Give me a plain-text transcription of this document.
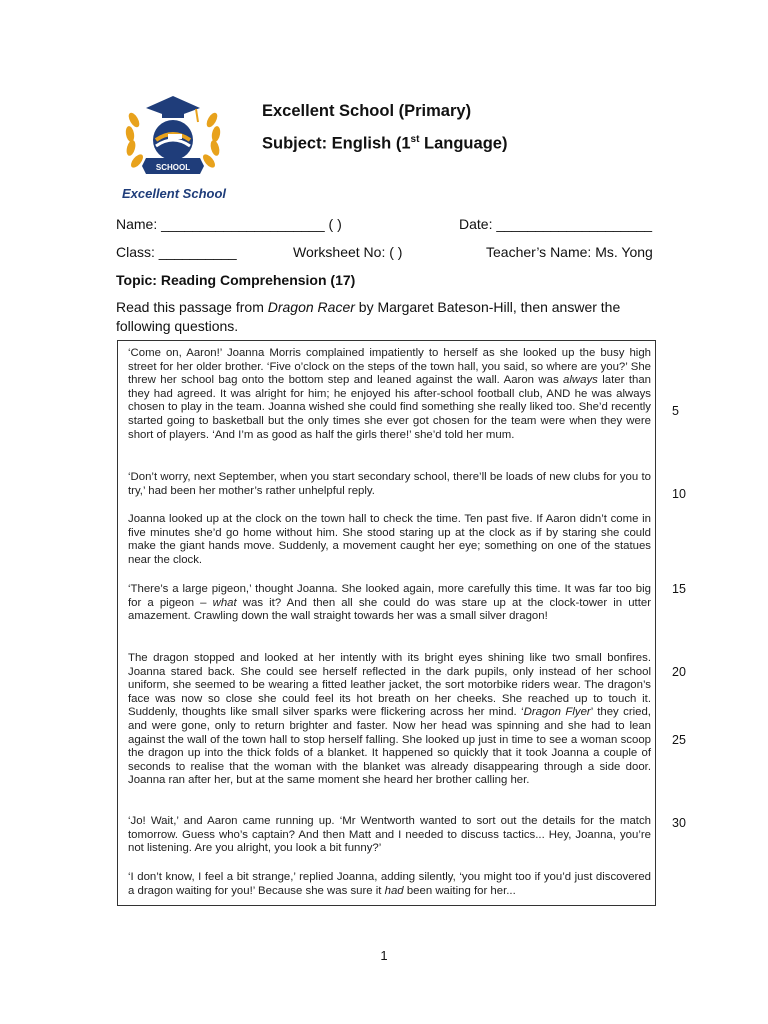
SCHOOL
Excellent School
Excellent School (Primary)
Subject: English (1st Language)
Name: _____________________ ( )	Date: ____________________
Class: __________	Worksheet No: ( )	Teacher’s Name: Ms. Yong
Topic: Reading Comprehension (17)
Read this passage from Dragon Racer by Margaret Bateson-Hill, then answer the following questions.
‘Come on, Aaron!’ Joanna Morris complained impatiently to herself as she looked up the busy high street for her older brother. ‘Five o’clock on the steps of the town hall, you said, so where are you?’ She threw her school bag onto the bottom step and leaned against the wall. Aaron was always later than they had agreed. It was alright for him; he enjoyed his after-school football club, AND he was always chosen to play in the team. Joanna wished she could find something she really liked too. She’d recently started going to basketball but the only times she ever got chosen for the team were when they were short of players. ‘And I’m as good as half the girls there!’ she’d told her mum.
‘Don’t worry, next September, when you start secondary school, there’ll be loads of new clubs for you to try,’ had been her mother’s rather unhelpful reply.
Joanna looked up at the clock on the town hall to check the time. Ten past five. If Aaron didn’t come in five minutes she’d go home without him. She stood staring up at the clock as if by staring she could make the giant hands move. Suddenly, a movement caught her eye; something on one of the statues near the clock.
‘There’s a large pigeon,’ thought Joanna. She looked again, more carefully this time. It was far too big for a pigeon – what was it? And then all she could do was stare up at the clock-tower in utter amazement. Crawling down the wall straight towards her was a small silver dragon!
The dragon stopped and looked at her intently with its bright eyes shining like two small bonfires. Joanna stared back. She could see herself reflected in the dark pupils, only instead of her school uniform, she seemed to be wearing a fitted leather jacket, the sort motorbike riders wear. The dragon’s face was now so close she could feel its hot breath on her cheeks. She reached up to touch it. Suddenly, thoughts like small silver sparks were flickering across her mind. ‘Dragon Flyer’ they cried, and were gone, only to return brighter and faster. Now her head was spinning and she had to lean against the wall of the town hall to stop herself falling. She looked up just in time to see a woman scoop the dragon up into the thick folds of a blanket. It happened so quickly that it took Joanna a couple of seconds to realise that the woman with the blanket was already disappearing through a side door. Joanna ran after her, but at the same moment she heard her brother calling her.
‘Jo! Wait,’ and Aaron came running up. ‘Mr Wentworth wanted to sort out the details for the match tomorrow. Guess who’s captain? And then Matt and I needed to discuss tactics... Hey, Joanna, you’re not listening. Are you alright, you look a bit funny?’
‘I don’t know, I feel a bit strange,’ replied Joanna, adding silently, ‘you might too if you’d just discovered a dragon waiting for you!’ Because she was sure it had been waiting for her...
5
10
15
20
25
30
1
